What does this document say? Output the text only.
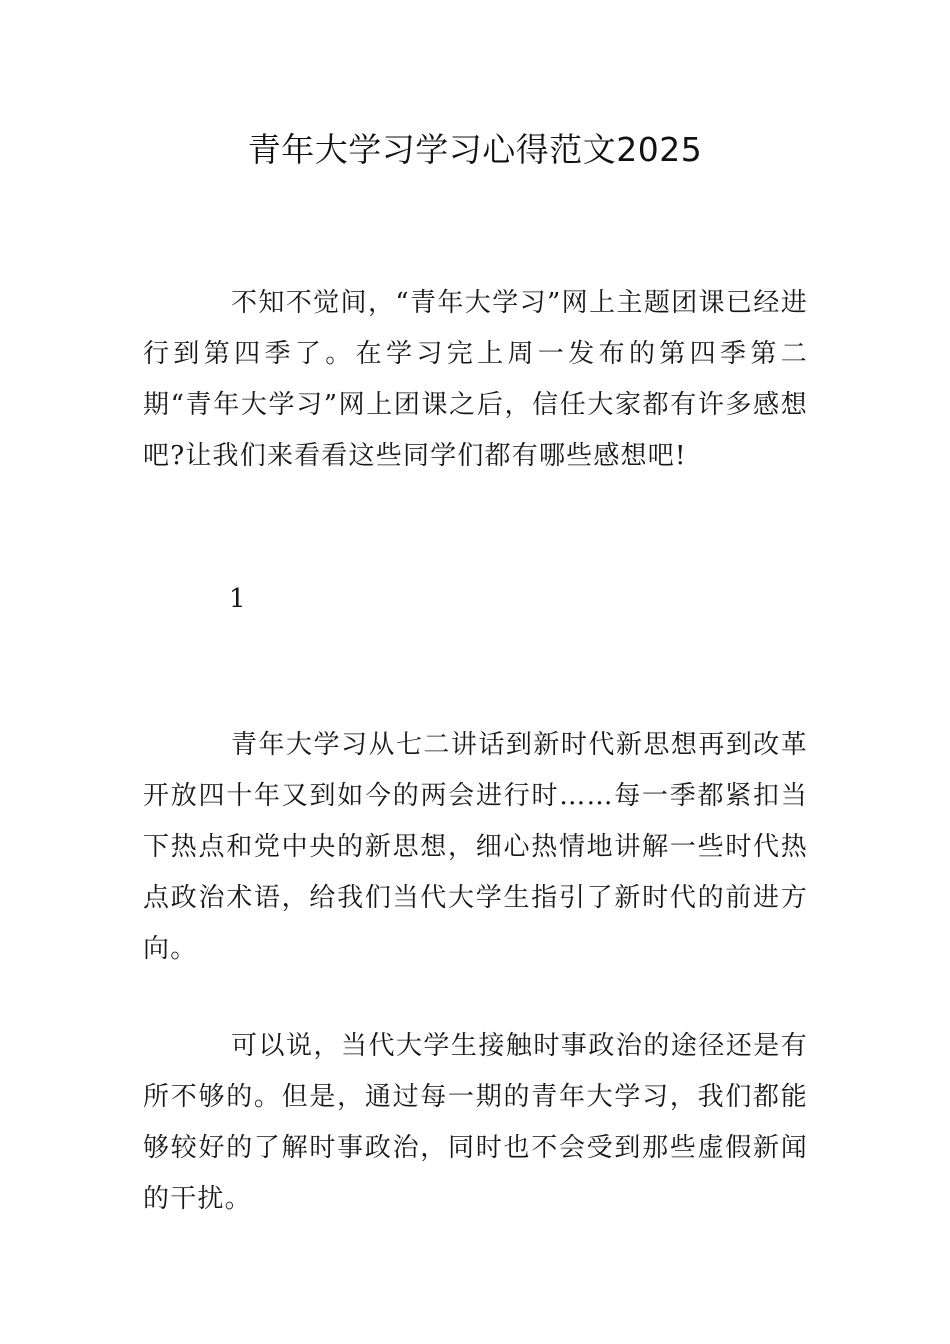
青年大学习学习心得范文2025

不知不觉间，“青年大学习”网上主题团课已经进行到第四季了。在学习完上周一发布的第四季第二期“青年大学习”网上团课之后，信任大家都有许多感想吧?让我们来看看这些同学们都有哪些感想吧!

1

青年大学习从七二讲话到新时代新思想再到改革开放四十年又到如今的两会进行时……每一季都紧扣当下热点和党中央的新思想，细心热情地讲解一些时代热点政治术语，给我们当代大学生指引了新时代的前进方向。

可以说，当代大学生接触时事政治的途径还是有所不够的。但是，通过每一期的青年大学习，我们都能够较好的了解时事政治，同时也不会受到那些虚假新闻的干扰。
